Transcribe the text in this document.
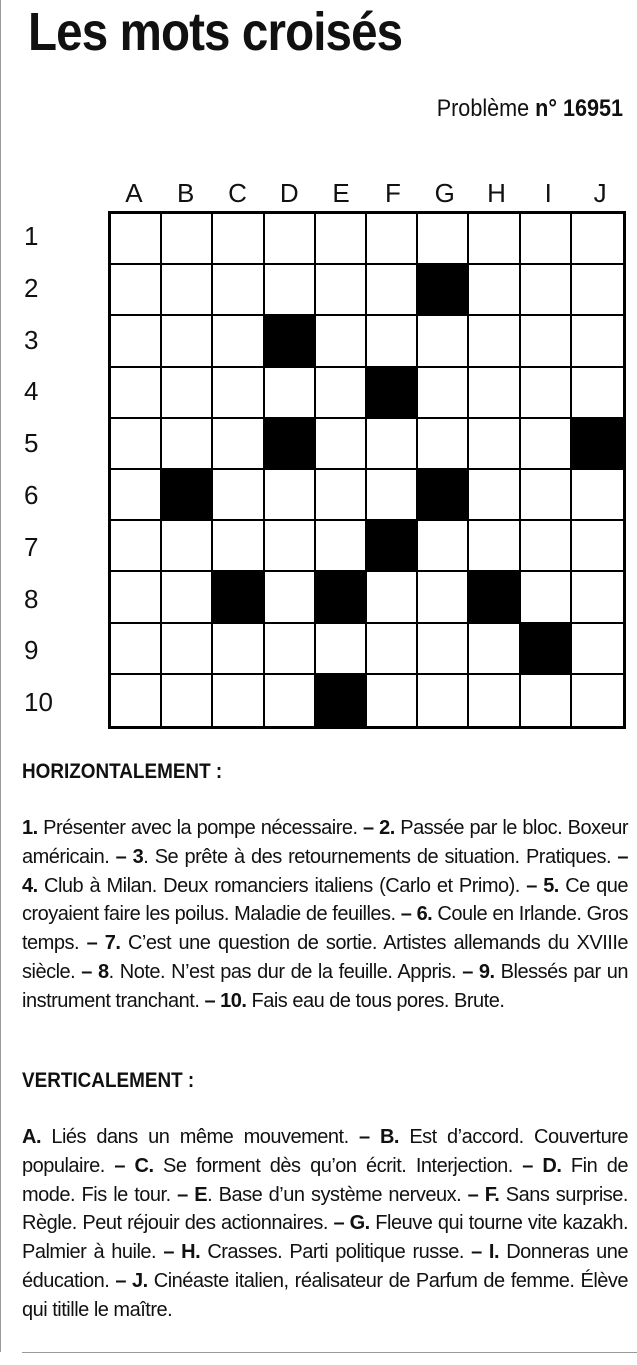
Les mots croisés
Problème n° 16951
A	B	C	D	E	F	G	H	I	J
1
2
3
4
5
6
7
8
9
10
HORIZONTALEMENT :
1. Présenter avec la pompe nécessaire. – 2. Passée par le bloc. Boxeur américain. – 3. Se prête à des retournements de situation. Pratiques. – 4. Club à Milan. Deux romanciers italiens (Carlo et Primo). – 5. Ce que croyaient faire les poilus. Maladie de feuilles. – 6. Coule en Irlande. Gros temps. – 7. C’est une question de sortie. Artistes allemands du XVIIIe siècle. – 8. Note. N’est pas dur de la feuille. Appris. – 9. Blessés par un instrument tranchant. – 10. Fais eau de tous pores. Brute.
VERTICALEMENT :
A. Liés dans un même mouvement. – B. Est d’accord. Couverture populaire. – C. Se forment dès qu’on écrit. Interjection. – D. Fin de mode. Fis le tour. – E. Base d’un système nerveux. – F. Sans surprise. Règle. Peut réjouir des actionnaires. – G. Fleuve qui tourne vite kazakh. Palmier à huile. – H. Crasses. Parti politique russe. – I. Donneras une éducation. – J. Cinéaste italien, réalisateur de Parfum de femme. Élève qui titille le maître.
